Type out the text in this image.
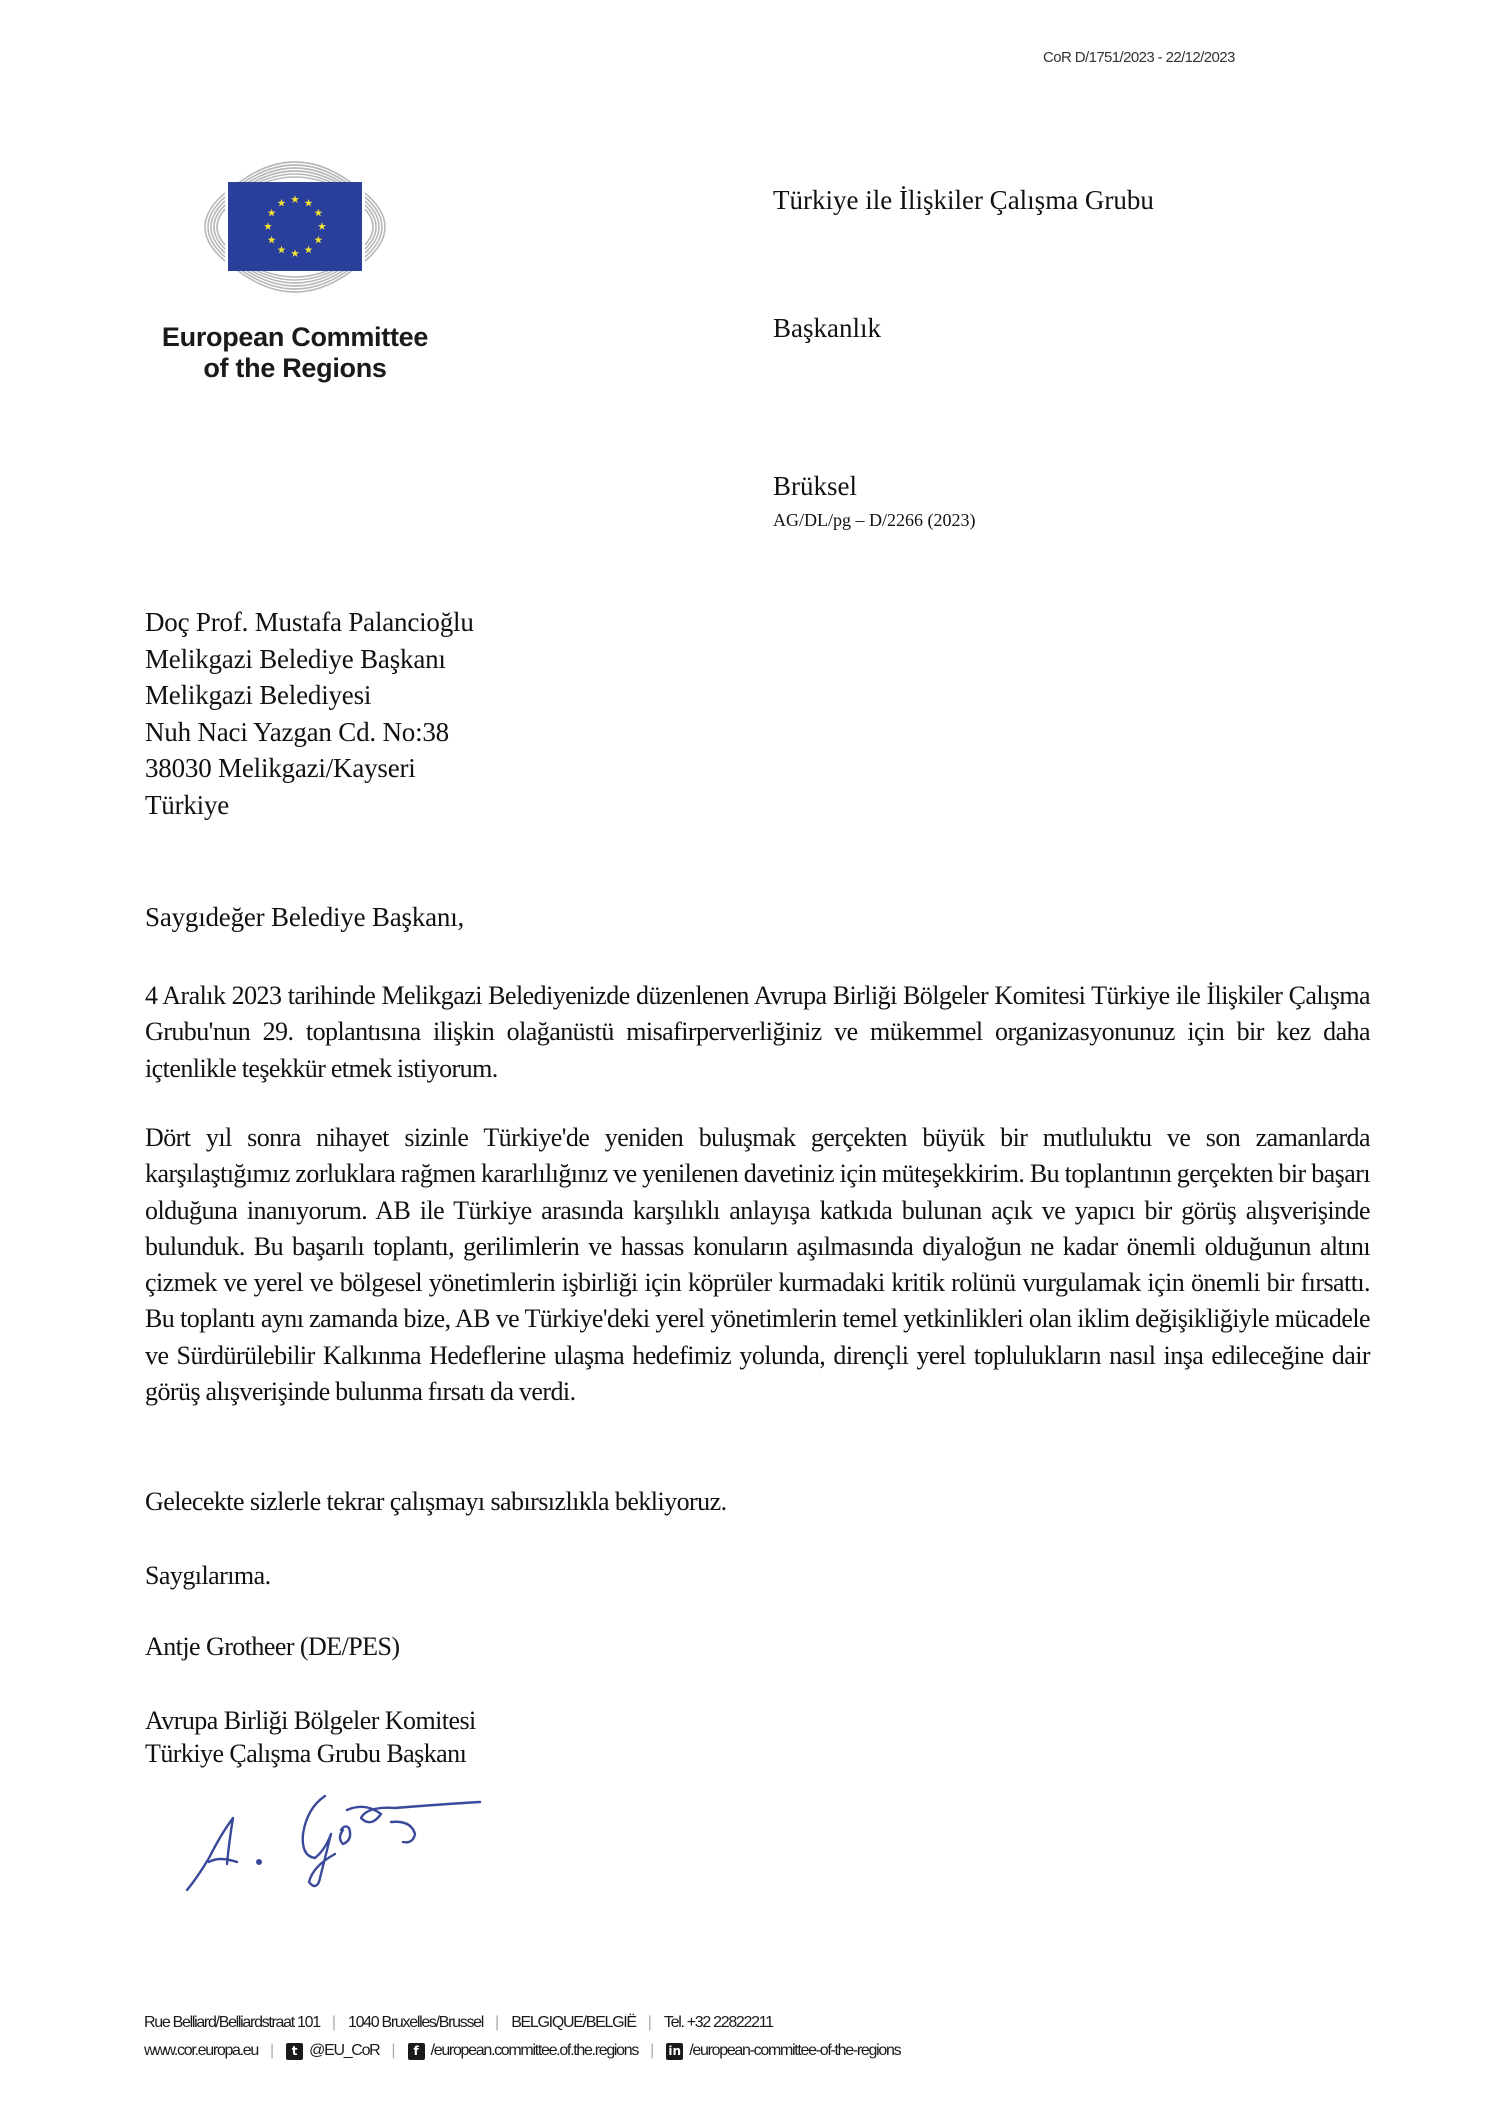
CoR D/1751/2023 - 22/12/2023
European Committee
of the Regions
Türkiye ile İlişkiler Çalışma Grubu
Başkanlık
Brüksel
AG/DL/pg – D/2266 (2023)
Doç Prof. Mustafa Palancioğlu
Melikgazi Belediye Başkanı
Melikgazi Belediyesi
Nuh Naci Yazgan Cd. No:38
38030 Melikgazi/Kayseri
Türkiye
Saygıdeğer Belediye Başkanı,
4 Aralık 2023 tarihinde Melikgazi Belediyenizde düzenlenen Avrupa Birliği Bölgeler Komitesi Türkiye ile İlişkiler Çalışma Grubu'nun 29. toplantısına ilişkin olağanüstü misafirperverliğiniz ve mükemmel organizasyonunuz için bir kez daha içtenlikle teşekkür etmek istiyorum.
Dört yıl sonra nihayet sizinle Türkiye'de yeniden buluşmak gerçekten büyük bir mutluluktu ve son zamanlarda karşılaştığımız zorluklara rağmen kararlılığınız ve yenilenen davetiniz için müteşekkirim. Bu toplantının gerçekten bir başarı olduğuna inanıyorum. AB ile Türkiye arasında karşılıklı anlayışa katkıda bulunan açık ve yapıcı bir görüş alışverişinde bulunduk. Bu başarılı toplantı, gerilimlerin ve hassas konuların aşılmasında diyaloğun ne kadar önemli olduğunun altını çizmek ve yerel ve bölgesel yönetimlerin işbirliği için köprüler kurmadaki kritik rolünü vurgulamak için önemli bir fırsattı. Bu toplantı aynı zamanda bize, AB ve Türkiye'deki yerel yönetimlerin temel yetkinlikleri olan iklim değişikliğiyle mücadele ve Sürdürülebilir Kalkınma Hedeflerine ulaşma hedefimiz yolunda, dirençli yerel toplulukların nasıl inşa edileceğine dair görüş alışverişinde bulunma fırsatı da verdi.
Gelecekte sizlerle tekrar çalışmayı sabırsızlıkla bekliyoruz.
Saygılarıma.
Antje Grotheer (DE/PES)
Avrupa Birliği Bölgeler Komitesi
Türkiye Çalışma Grubu Başkanı
Rue Belliard/Belliardstraat 101 | 1040 Bruxelles/Brussel | BELGIQUE/BELGIË | Tel. +32 22822211
www.cor.europa.eu |	t @EU_CoR |	f /european.committee.of.the.regions | in /european-committee-of-the-regions
